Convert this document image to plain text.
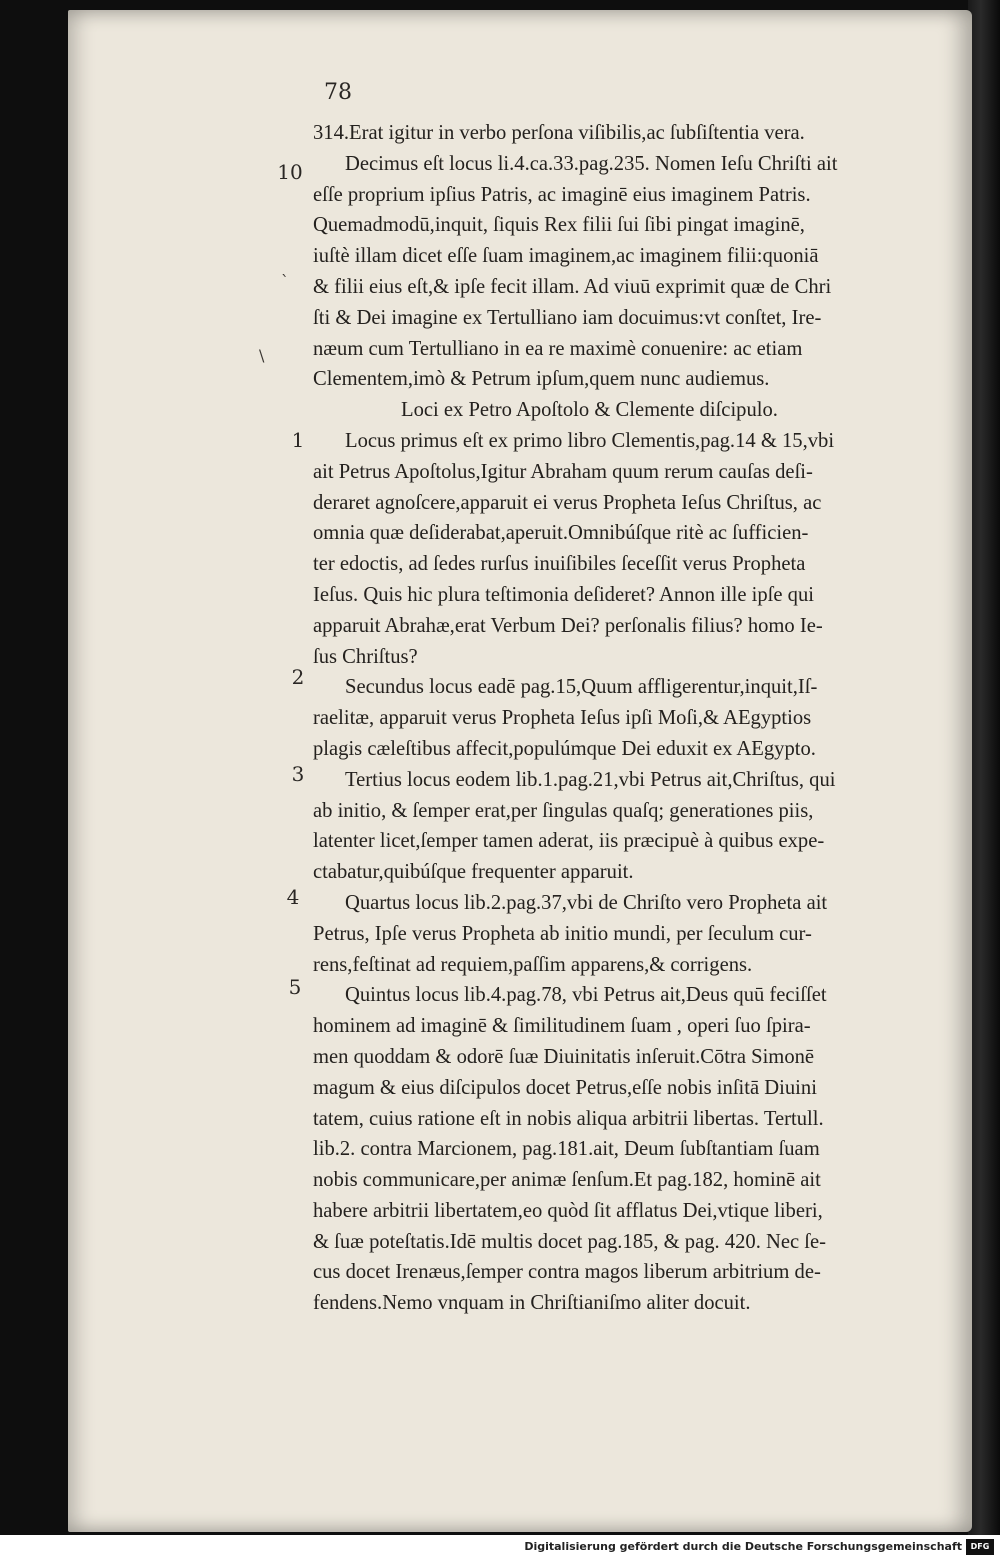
78
10
`
\
1
2
3
4
5
314.Erat igitur in verbo perſona viſibilis,ac ſubſiſtentia vera.
Decimus eſt locus li.4.ca.33.pag.235. Nomen Ieſu Chriſti ait
eſſe proprium ipſius Patris, ac imaginē eius imaginem Patris.
Quemadmodū,inquit, ſiquis Rex filii ſui ſibi pingat imaginē,
iuſtè illam dicet eſſe ſuam imaginem,ac imaginem filii:quoniā
& filii eius eſt,& ipſe fecit illam. Ad viuū exprimit quæ de Chri
ſti & Dei imagine ex Tertulliano iam docuimus:vt conſtet, Ire-
næum cum Tertulliano in ea re maximè conuenire: ac etiam
Clementem,imò & Petrum ipſum,quem nunc audiemus.
Loci ex Petro Apoſtolo & Clemente diſcipulo.
Locus primus eſt ex primo libro Clementis,pag.14 & 15,vbi
ait Petrus Apoſtolus,Igitur Abraham quum rerum cauſas deſi-
deraret agnoſcere,apparuit ei verus Propheta Ieſus Chriſtus, ac
omnia quæ deſiderabat,aperuit.Omnibúſque ritè ac ſufficien-
ter edoctis, ad ſedes rurſus inuiſibiles ſeceſſit verus Propheta
Ieſus. Quis hic plura teſtimonia deſideret? Annon ille ipſe qui
apparuit Abrahæ,erat Verbum Dei? perſonalis filius? homo Ie-
ſus Chriſtus?
Secundus locus eadē pag.15,Quum affligerentur,inquit,Iſ-
raelitæ, apparuit verus Propheta Ieſus ipſi Moſi,& AEgyptios
plagis cæleſtibus affecit,populúmque Dei eduxit ex AEgypto.
Tertius locus eodem lib.1.pag.21,vbi Petrus ait,Chriſtus, qui
ab initio, & ſemper erat,per ſingulas quaſq; generationes piis,
latenter licet,ſemper tamen aderat, iis præcipuè à quibus expe-
ctabatur,quibúſque frequenter apparuit.
Quartus locus lib.2.pag.37,vbi de Chriſto vero Propheta ait
Petrus, Ipſe verus Propheta ab initio mundi, per ſeculum cur-
rens,feſtinat ad requiem,paſſim apparens,& corrigens.
Quintus locus lib.4.pag.78, vbi Petrus ait,Deus quū feciſſet
hominem ad imaginē & ſimilitudinem ſuam , operi ſuo ſpira-
men quoddam & odorē ſuæ Diuinitatis inſeruit.Cōtra Simonē
magum & eius diſcipulos docet Petrus,eſſe nobis inſitā Diuini
tatem, cuius ratione eſt in nobis aliqua arbitrii libertas. Tertull.
lib.2. contra Marcionem, pag.181.ait, Deum ſubſtantiam ſuam
nobis communicare,per animæ ſenſum.Et pag.182, hominē ait
habere arbitrii libertatem,eo quòd ſit afflatus Dei,vtique liberi,
& ſuæ poteſtatis.Idē multis docet pag.185, & pag. 420. Nec ſe-
cus docet Irenæus,ſemper contra magos liberum arbitrium de-
fendens.Nemo vnquam in Chriſtianiſmo aliter docuit.
Digitalisierung gefördert durch die Deutsche Forschungsgemeinschaft	DFG
